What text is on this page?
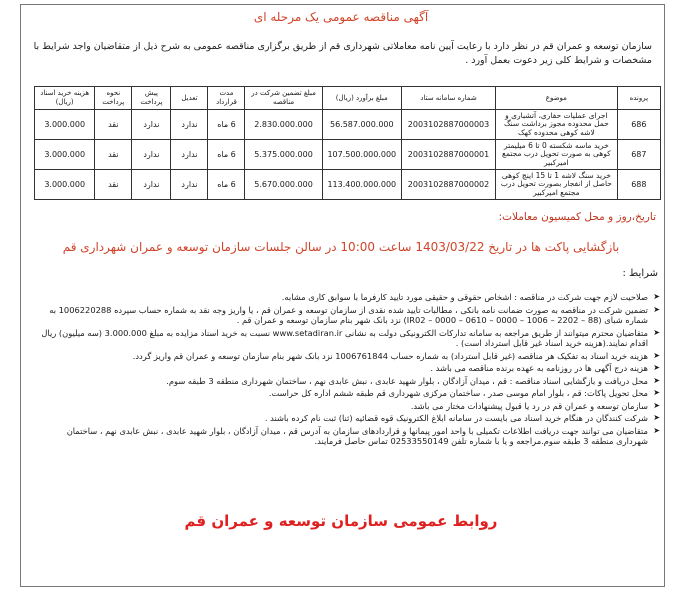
آگهی مناقصه عمومی یک مرحله ای
سازمان توسعه و عمران قم در نظر دارد با رعایت آیین نامه معاملاتی شهرداری قم از طریق برگزاری مناقصه عمومی به شرح ذیل از متقاضیان واجد شرایط با مشخصات و شرایط کلی زیر دعوت بعمل آورد .
پرونده	موضوع	شماره سامانه ستاد	مبلغ برآورد (ریال)	مبلغ تضمین شرکت در مناقصه	مدت قرارداد	تعدیل	پیش پرداخت	نحوه پرداخت	هزینه خرید اسناد (ریال)
686	اجرای عملیات حفاری، آتشباری و حمل محدوده مجوز برداشت سنگ لاشه کوهی محدوده کهک	2003102887000003	56.587.000.000	2.830.000.000	6 ماه	ندارد	ندارد	نقد	3.000.000
687	خرید ماسه شکسته 0 تا 6 میلیمتر کوهی به صورت تحویل درب مجتمع امیرکبیر	2003102887000001	107.500.000.000	5.375.000.000	6 ماه	ندارد	ندارد	نقد	3.000.000
688	خرید سنگ لاشه 1 تا 15 اینچ کوهی حاصل از انفجار بصورت تحویل درب مجتمع امیرکبیر	2003102887000002	113.400.000.000	5.670.000.000	6 ماه	ندارد	ندارد	نقد	3.000.000
تاریخ،روز و محل کمیسیون معاملات:
بازگشایی پاکت ها در تاریخ 1403/03/22 ساعت 10:00 در سالن جلسات سازمان توسعه و عمران شهرداری قم
شرایط :
➤
صلاحیت لازم جهت شرکت در مناقصه : اشخاص حقوقی و حقیقی مورد تایید کارفرما با سوابق کاری مشابه.
➤
تضمین شرکت در مناقصه به صورت ضمانت نامه بانکی ، مطالبات تایید شده نقدی از سازمان توسعه و عمران قم ، یا واریز وجه نقد به شماره حساب سپرده 1006220288 به شماره شبای (88 – 2202 – 1006 – 0000 – 0610 – 0000 – IR02) نزد بانک شهر بنام سازمان توسعه و عمران قم .
➤
متقاضیان محترم میتوانند از طریق مراجعه به سامانه تدارکات الکترونیکی دولت به نشانی www.setadiran.ir نسبت به خرید اسناد مزایده به مبلغ 3.000.000 (سه میلیون) ریال اقدام نمایند.(هزینه خرید اسناد غیر قابل استرداد است) .
➤
هزینه خرید اسناد به تفکیک هر مناقصه (غیر قابل استرداد) به شماره حساب 1006761844 نزد بانک شهر بنام سازمان توسعه و عمران قم واریز گردد.
➤
هزینه درج آگهی ها در روزنامه به عهده برنده مناقصه می باشد .
➤
محل دریافت و بازگشایی اسناد مناقصه : قم ، میدان آزادگان ، بلوار شهید عابدی ، نبش عابدی نهم ، ساختمان شهرداری منطقه 3 طبقه سوم.
➤
محل تحویل پاکات: قم ، بلوار امام موسی صدر ، ساختمان مرکزی شهرداری قم طبقه ششم اداره کل حراست.
➤
سازمان توسعه و عمران قم در رد یا قبول پیشنهادات مختار می باشد.
➤
شرکت کنندگان در هنگام خرید اسناد می بایست در سامانه ابلاغ الکترونیک قوه قضائیه (ثنا) ثبت نام کرده باشند .
➤
متقاضیان می توانند جهت دریافت اطلاعات تکمیلی با واحد امور پیمانها و قراردادهای سازمان به آدرس قم ، میدان آزادگان ، بلوار شهید عابدی ، نبش عابدی نهم ، ساختمان شهرداری منطقه 3 طبقه سوم.مراجعه و یا با شماره تلفن 02533550149 تماس حاصل فرمایند.
روابط عمومی سازمان توسعه و عمران قم
